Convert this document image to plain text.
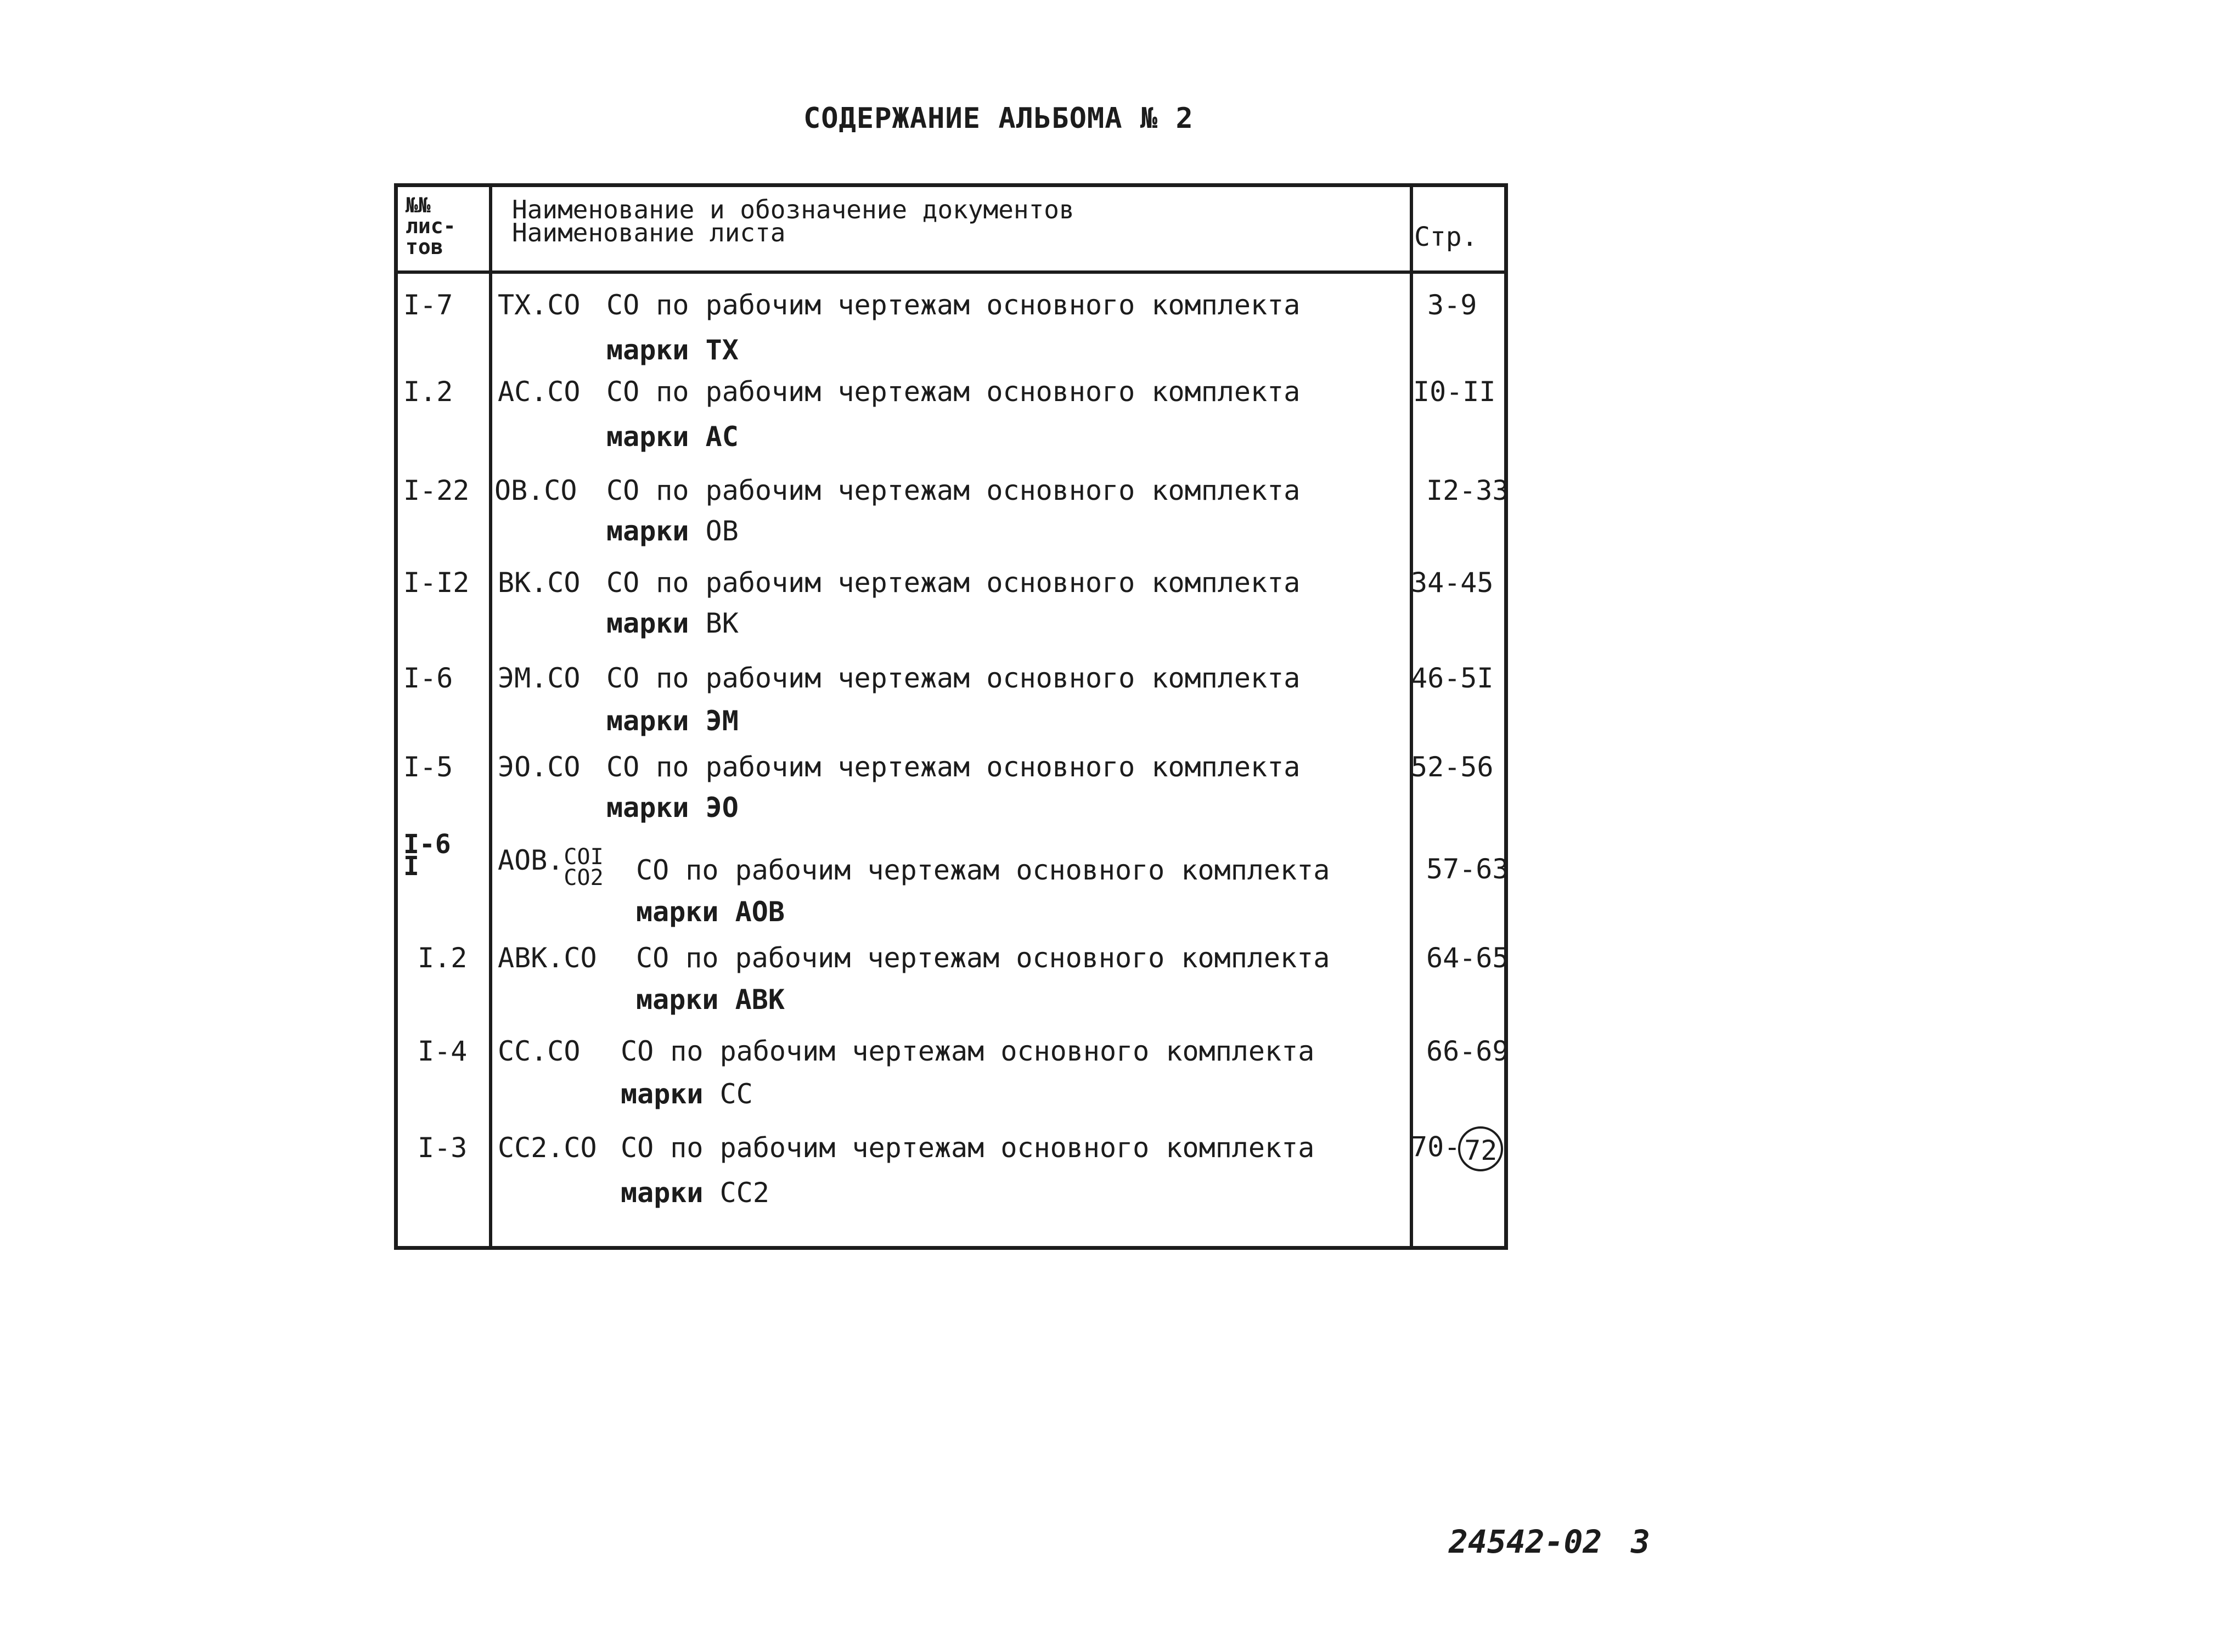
СОДЕРЖАНИЕ АЛЬБОМА № 2
№№
лис-
тов
Наименование и обозначение документов
Наименование листа	Стр.
I-7 ТХ.СО СО по рабочим чертежам основного комплекта
марки ТХ
3-9
I.2 АС.СО СО по рабочим чертежам основного комплекта
марки АС
I0-II
I-22 ОВ.СО СО по рабочим чертежам основного комплекта
марки ОВ
I2-33
I-I2 ВК.СО СО по рабочим чертежам основного комплекта
марки ВК
34-45
I-6 ЭМ.СО СО по рабочим чертежам основного комплекта
марки ЭМ
46-5I
I-5 ЭО.СО СО по рабочим чертежам основного комплекта
марки ЭО
52-56
I-6
I	АОВ.СОI
СО2 СО по рабочим чертежам основного комплекта
марки АОВ
57-63
I.2 АВК.СО СО по рабочим чертежам основного комплекта
марки АВК
64-65
I-4 СС.СО СО по рабочим чертежам основного комплекта
марки СС
66-69
I-3 СС2.СО СО по рабочим чертежам основного комплекта
марки СС2
70- 72
24542-02 3
